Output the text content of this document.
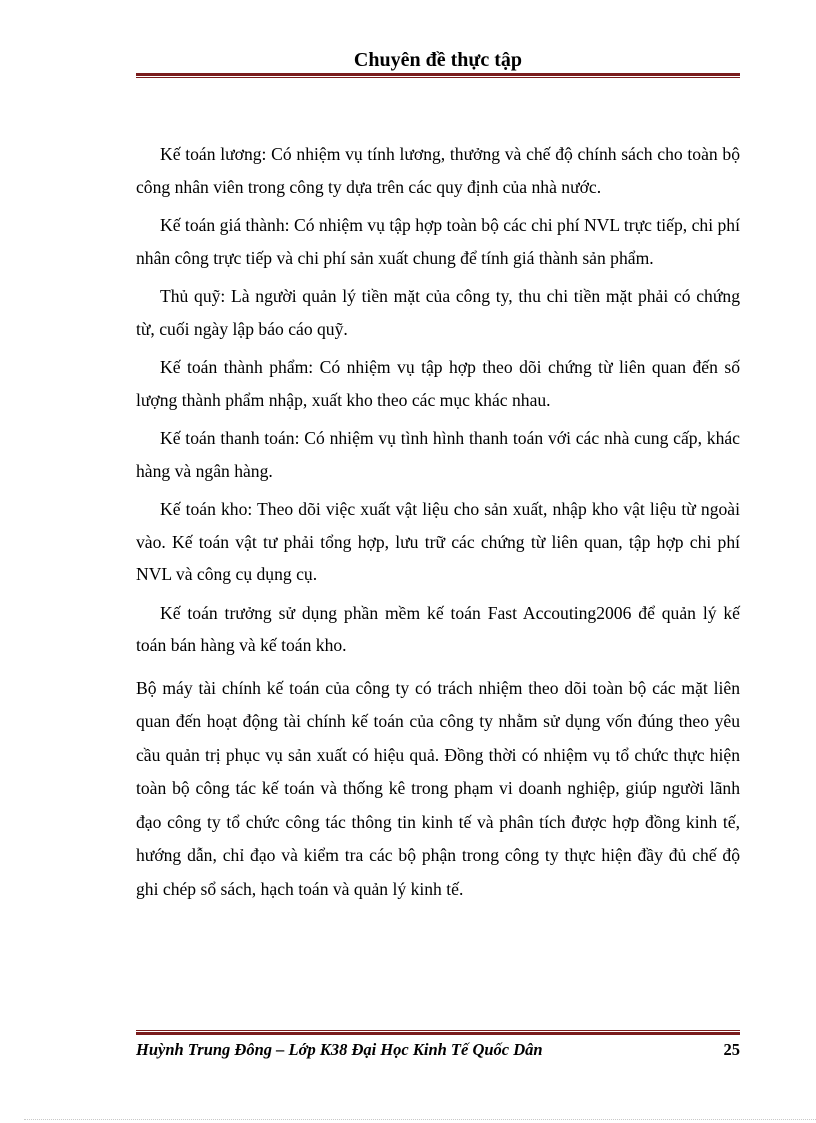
Chuyên đề thực tập

Kế toán lương: Có nhiệm vụ tính lương, thưởng và chế độ chính sách cho toàn bộ công nhân viên trong công ty dựa trên các quy định của nhà nước.

Kế toán giá thành: Có nhiệm vụ tập hợp toàn bộ các chi phí NVL trực tiếp, chi phí nhân công trực tiếp và chi phí sản xuất chung để tính giá thành sản phẩm.

Thủ quỹ: Là người quản lý tiền mặt của công ty, thu chi tiền mặt phải có chứng từ, cuối ngày lập báo cáo quỹ.

Kế toán thành phẩm: Có nhiệm vụ tập hợp theo dõi chứng từ liên quan đến số lượng thành phẩm nhập, xuất kho theo các mục khác nhau.

Kế toán thanh toán: Có nhiệm vụ tình hình thanh toán với các nhà cung cấp, khác hàng và ngân hàng.

Kế toán kho: Theo dõi việc xuất vật liệu cho sản xuất, nhập kho vật liệu từ ngoài vào. Kế toán vật tư phải tổng hợp, lưu trữ các chứng từ liên quan, tập hợp chi phí NVL và công cụ dụng cụ.

Kế toán trưởng sử dụng phần mềm kế toán Fast Accouting2006 để quản lý kế toán bán hàng và kế toán kho.

Bộ máy tài chính kế toán của công ty có trách nhiệm theo dõi toàn bộ các mặt liên quan đến hoạt động tài chính kế toán của công ty nhằm sử dụng vốn đúng theo yêu cầu quản trị phục vụ sản xuất có hiệu quả. Đồng thời có nhiệm vụ tổ chức thực hiện toàn bộ công tác kế toán và thống kê trong phạm vi doanh nghiệp, giúp người lãnh đạo công ty tổ chức công tác thông tin kinh tế và phân tích được hợp đồng kinh tế, hướng dẫn, chỉ đạo và kiểm tra các bộ phận trong công ty thực hiện đầy đủ chế độ ghi chép sổ sách, hạch toán và quản lý kinh tế.

Huỳnh Trung Đông – Lớp K38 Đại Học Kinh Tế Quốc Dân	25
